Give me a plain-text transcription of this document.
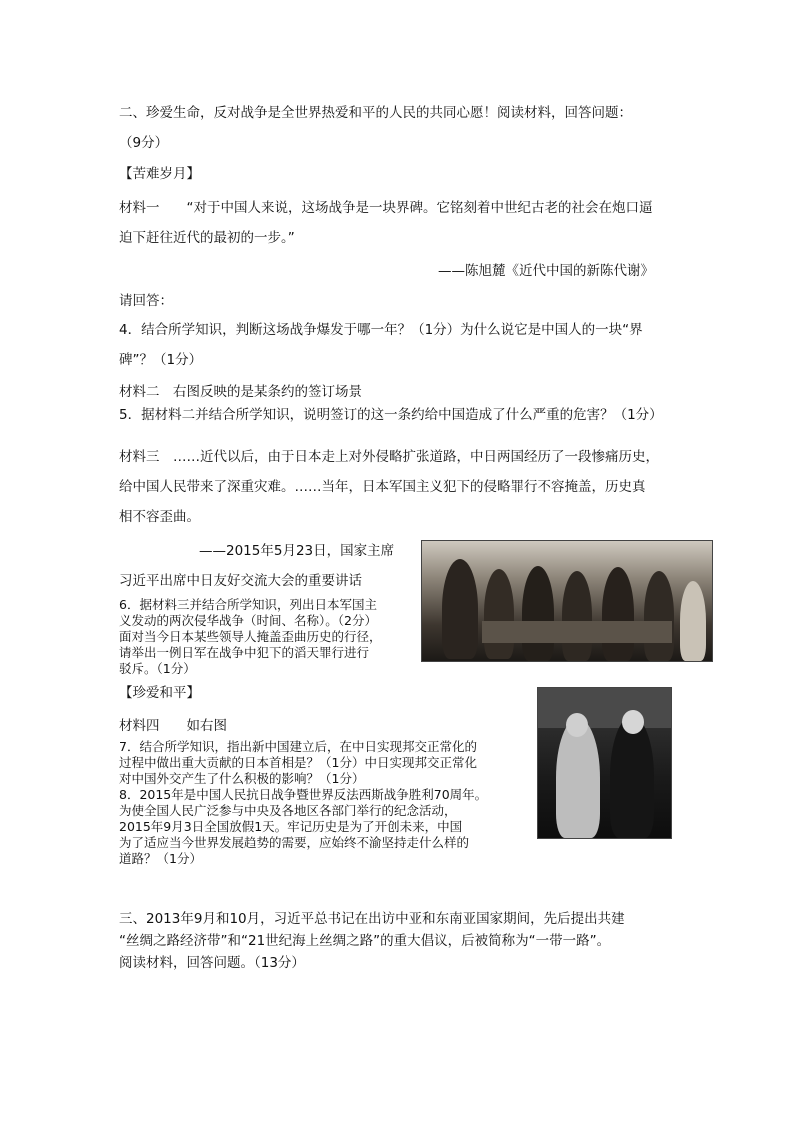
二、珍爱生命，反对战争是全世界热爱和平的人民的共同心愿！阅读材料，回答问题：
（9分）
【苦难岁月】
材料一　　“对于中国人来说，这场战争是一块界碑。它铭刻着中世纪古老的社会在炮口逼
迫下赶往近代的最初的一步。”
——陈旭麓《近代中国的新陈代谢》
请回答：
4．结合所学知识，判断这场战争爆发于哪一年？（1分）为什么说它是中国人的一块“界
碑”？（1分）
材料二　右图反映的是某条约的签订场景
5．据材料二并结合所学知识，说明签订的这一条约给中国造成了什么严重的危害？（1分）
材料三　……近代以后，由于日本走上对外侵略扩张道路，中日两国经历了一段惨痛历史，
给中国人民带来了深重灾难。……当年，日本军国主义犯下的侵略罪行不容掩盖，历史真
相不容歪曲。
——2015年5月23日，国家主席
习近平出席中日友好交流大会的重要讲话
6．据材料三并结合所学知识，列出日本军国主
义发动的两次侵华战争（时间、名称）。（2分）
面对当今日本某些领导人掩盖歪曲历史的行径，
请举出一例日军在战争中犯下的滔天罪行进行
驳斥。（1分）
【珍爱和平】
材料四　　如右图
7．结合所学知识，指出新中国建立后，在中日实现邦交正常化的
过程中做出重大贡献的日本首相是？（1分）中日实现邦交正常化
对中国外交产生了什么积极的影响？（1分）
8．2015年是中国人民抗日战争暨世界反法西斯战争胜利70周年。
为使全国人民广泛参与中央及各地区各部门举行的纪念活动，
2015年9月3日全国放假1天。牢记历史是为了开创未来，中国
为了适应当今世界发展趋势的需要，应始终不渝坚持走什么样的
道路？（1分）
三、2013年9月和10月，习近平总书记在出访中亚和东南亚国家期间，先后提出共建
“丝绸之路经济带”和“21世纪海上丝绸之路”的重大倡议，后被简称为“一带一路”。
阅读材料，回答问题。（13分）
